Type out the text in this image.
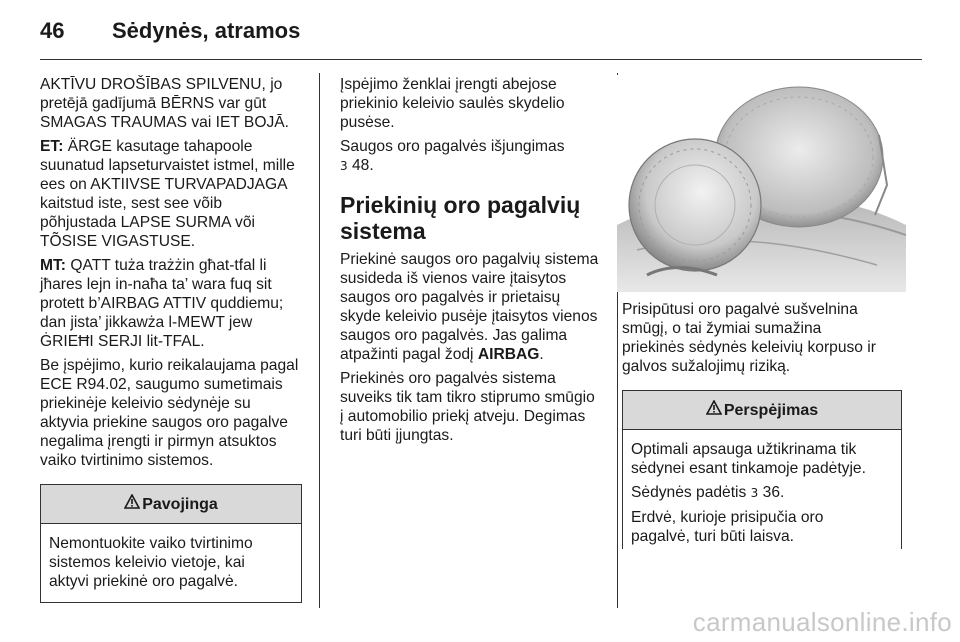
46 Sėdynės, atramos

AKTĪVU DROŠĪBAS SPILVENU, jo
pretējā gadījumā BĒRNS var gūt
SMAGAS TRAUMAS vai IET BOJĀ.

ET: ÄRGE kasutage tahapoole
suunatud lapseturvaistet istmel, mille
ees on AKTIIVSE TURVAPADJAGA
kaitstud iste, sest see võib
põhjustada LAPSE SURMA või
TÕSISE VIGASTUSE.

MT: QATT tuża trażżin għat-tfal li
jħares lejn in-naħa ta’ wara fuq sit
protett b’AIRBAG ATTIV quddiemu;
dan jista’ jikkawża l-MEWT jew
ĠRIEĦI SERJI lit-TFAL.

Be įspėjimo, kurio reikalaujama pagal
ECE R94.02, saugumo sumetimais
priekinėje keleivio sėdynėje su
aktyvia priekine saugos oro pagalve
negalima įrengti ir pirmyn atsuktos
vaiko tvirtinimo sistemos.

Pavojinga

Nemontuokite vaiko tvirtinimo
sistemos keleivio vietoje, kai
aktyvi priekinė oro pagalvė.

Įspėjimo ženklai įrengti abejose
priekinio keleivio saulės skydelio
pusėse.

Saugos oro pagalvės išjungimas
3 48.

Priekinių oro pagalvių
sistema

Priekinė saugos oro pagalvių sistema
susideda iš vienos vaire įtaisytos
saugos oro pagalvės ir prietaisų
skyde keleivio pusėje įtaisytos vienos
saugos oro pagalvės. Jas galima
atpažinti pagal žodį AIRBAG.

Priekinės oro pagalvės sistema
suveiks tik tam tikro stiprumo smūgio
į automobilio priekį atveju. Degimas
turi būti įjungtas.

Prisipūtusi oro pagalvė sušvelnina
smūgį, o tai žymiai sumažina
priekinės sėdynės keleivių korpuso ir
galvos sužalojimų riziką.

Perspėjimas

Optimali apsauga užtikrinama tik
sėdynei esant tinkamoje padėtyje.

Sėdynės padėtis 3 36.

Erdvė, kurioje prisipučia oro
pagalvė, turi būti laisva.

carmanualsonline.info
